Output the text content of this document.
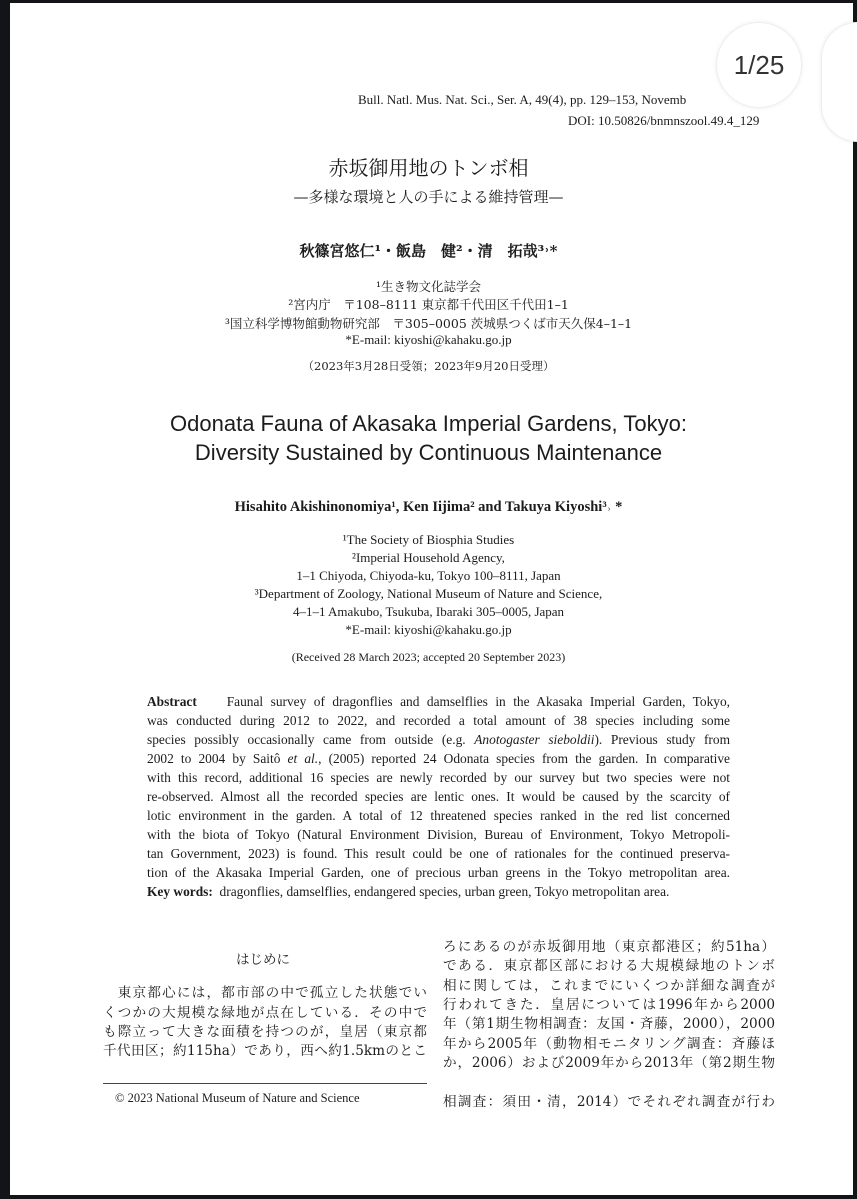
Bull. Natl. Mus. Nat. Sci., Ser. A, 49(4), pp. 129–153, Novemb
DOI: 10.50826/bnmnszool.49.4_129
赤坂御用地のトンボ相
—多様な環境と人の手による維持管理—
秋篠宮悠仁¹・飯島　健²・清　拓哉³˒*
¹生き物文化誌学会
²宮内庁　〒108–8111 東京都千代田区千代田1–1
³国立科学博物館動物研究部　〒305–0005 茨城県つくば市天久保4–1–1
*E-mail: kiyoshi@kahaku.go.jp
（2023年3月28日受領；2023年9月20日受理）
Odonata Fauna of Akasaka Imperial Gardens, Tokyo:
Diversity Sustained by Continuous Maintenance
Hisahito Akishinonomiya¹, Ken Iijima² and Takuya Kiyoshi³˒ *
¹The Society of Biosphia Studies
²Imperial Household Agency,
1–1 Chiyoda, Chiyoda-ku, Tokyo 100–8111, Japan
³Department of Zoology, National Museum of Nature and Science,
4–1–1 Amakubo, Tsukuba, Ibaraki 305–0005, Japan
*E-mail: kiyoshi@kahaku.go.jp
(Received 28 March 2023; accepted 20 September 2023)
Abstract Faunal survey of dragonflies and damselflies in the Akasaka Imperial Garden, Tokyo,
was conducted during 2012 to 2022, and recorded a total amount of 38 species including some
species possibly occasionally came from outside (e.g. Anotogaster sieboldii). Previous study from
2002 to 2004 by Saitô et al., (2005) reported 24 Odonata species from the garden. In comparative
with this record, additional 16 species are newly recorded by our survey but two species were not
re-observed. Almost all the recorded species are lentic ones. It would be caused by the scarcity of
lotic environment in the garden. A total of 12 threatened species ranked in the red list concerned
with the biota of Tokyo (Natural Environment Division, Bureau of Environment, Tokyo Metropoli-
tan Government, 2023) is found. This result could be one of rationales for the continued preserva-
tion of the Akasaka Imperial Garden, one of precious urban greens in the Tokyo metropolitan area.
Key words: dragonflies, damselflies, endangered species, urban green, Tokyo metropolitan area.
はじめに
　東京都心には，都市部の中で孤立した状態でい
くつかの大規模な緑地が点在している．その中で
も際立って大きな面積を持つのが，皇居（東京都
千代田区；約115ha）であり，西へ約1.5kmのとこ
© 2023 National Museum of Nature and Science
ろにあるのが赤坂御用地（東京都港区；約51ha）
である．東京都区部における大規模緑地のトンボ
相に関しては，これまでにいくつか詳細な調査が
行われてきた．皇居については1996年から2000
年（第1期生物相調査：友国・斉藤，2000），2000
年から2005年（動物相モニタリング調査：斉藤ほ
か，2006）および2009年から2013年（第2期生物
相調査：須田・清，2014）でそれぞれ調査が行わ
1/25
